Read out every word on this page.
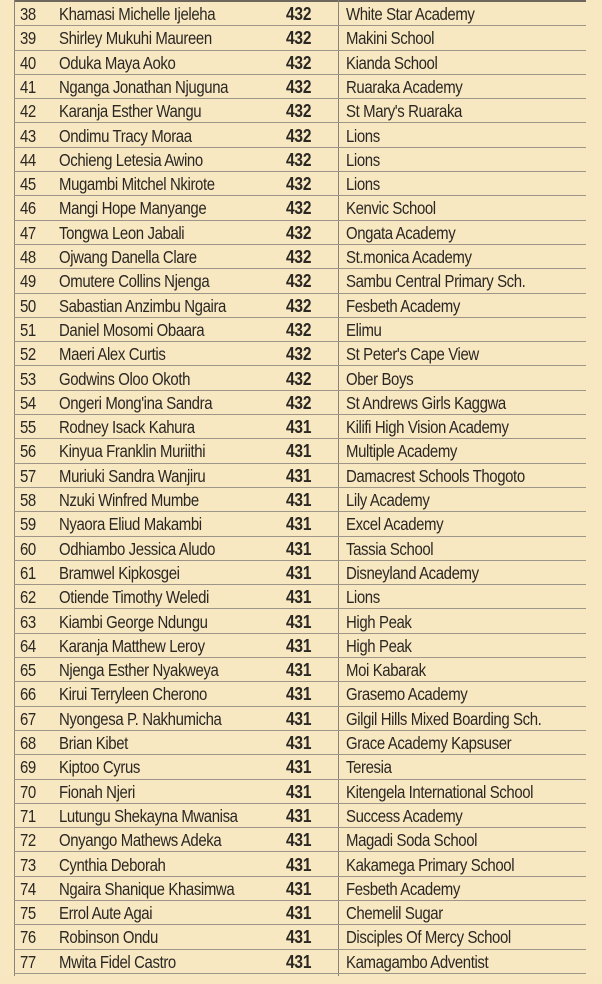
38 Khamasi Michelle Ijeleha	432 White Star Academy
39 Shirley Mukuhi Maureen	432 Makini School
40 Oduka Maya Aoko	432 Kianda School
41 Nganga Jonathan Njuguna	432 Ruaraka Academy
42 Karanja Esther Wangu	432 St Mary's Ruaraka
43 Ondimu Tracy Moraa	432 Lions
44 Ochieng Letesia Awino	432 Lions
45 Mugambi Mitchel Nkirote	432 Lions
46 Mangi Hope Manyange	432 Kenvic School
47 Tongwa Leon Jabali	432 Ongata Academy
48 Ojwang Danella Clare	432 St.monica Academy
49 Omutere Collins Njenga	432 Sambu Central Primary Sch.
50 Sabastian Anzimbu Ngaira	432 Fesbeth Academy
51 Daniel Mosomi Obaara	432 Elimu
52 Maeri Alex Curtis	432 St Peter's Cape View
53 Godwins Oloo Okoth	432 Ober Boys
54 Ongeri Mong'ina Sandra	432 St Andrews Girls Kaggwa
55 Rodney Isack Kahura	431 Kilifi High Vision Academy
56 Kinyua Franklin Muriithi	431 Multiple Academy
57 Muriuki Sandra Wanjiru	431 Damacrest Schools Thogoto
58 Nzuki Winfred Mumbe	431 Lily Academy
59 Nyaora Eliud Makambi	431 Excel Academy
60 Odhiambo Jessica Aludo	431 Tassia School
61 Bramwel Kipkosgei	431 Disneyland Academy
62 Otiende Timothy Weledi	431 Lions
63 Kiambi George Ndungu	431 High Peak
64 Karanja Matthew Leroy	431 High Peak
65 Njenga Esther Nyakweya	431 Moi Kabarak
66 Kirui Terryleen Cherono	431 Grasemo Academy
67 Nyongesa P. Nakhumicha	431 Gilgil Hills Mixed Boarding Sch.
68 Brian Kibet	431 Grace Academy Kapsuser
69 Kiptoo Cyrus	431 Teresia
70 Fionah Njeri	431 Kitengela International School
71 Lutungu Shekayna Mwanisa	431 Success Academy
72 Onyango Mathews Adeka	431 Magadi Soda School
73 Cynthia Deborah	431 Kakamega Primary School
74 Ngaira Shanique Khasimwa	431 Fesbeth Academy
75 Errol Aute Agai	431 Chemelil Sugar
76 Robinson Ondu	431 Disciples Of Mercy School
77 Mwita Fidel Castro	431 Kamagambo Adventist
